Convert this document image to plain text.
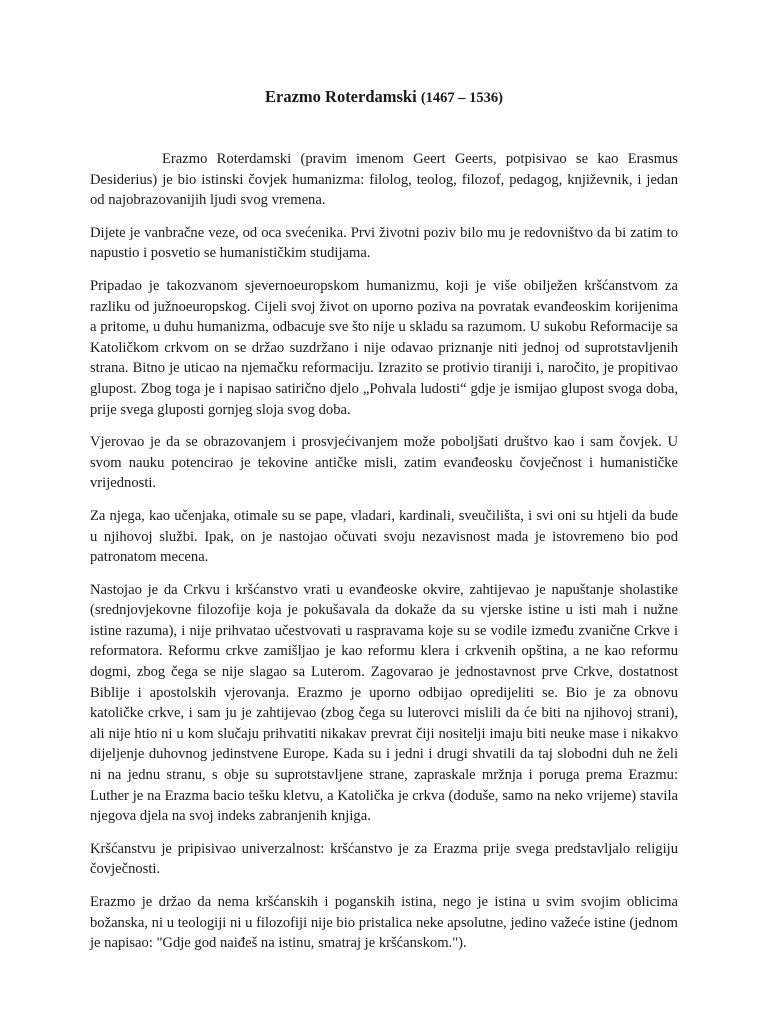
Erazmo Roterdamski (1467 – 1536)

Erazmo Roterdamski (pravim imenom Geert Geerts, potpisivao se kao Erasmus Desiderius) je bio istinski čovjek humanizma: filolog, teolog, filozof, pedagog, književnik, i jedan od najobrazovanijih ljudi svog vremena.

Dijete je vanbračne veze, od oca svećenika. Prvi životni poziv bilo mu je redovništvo da bi zatim to napustio i posvetio se humanističkim studijama.

Pripadao je takozvanom sjevernoeuropskom humanizmu, koji je više obilježen kršćanstvom za razliku od južnoeuropskog. Cijeli svoj život on uporno poziva na povratak evanđeoskim korijenima a pritome, u duhu humanizma, odbacuje sve što nije u skladu sa razumom. U sukobu Reformacije sa Katoličkom crkvom on se držao suzdržano i nije odavao priznanje niti jednoj od suprotstavljenih strana. Bitno je uticao na njemačku reformaciju. Izrazito se protivio tiraniji i, naročito, je propitivao glupost. Zbog toga je i napisao satirično djelo „Pohvala ludosti“ gdje je ismijao glupost svoga doba, prije svega gluposti gornjeg sloja svog doba.

Vjerovao je da se obrazovanjem i prosvjećivanjem može poboljšati društvo kao i sam čovjek. U svom nauku potencirao je tekovine antičke misli, zatim evanđeosku čovječnost i humanističke vrijednosti.

Za njega, kao učenjaka, otimale su se pape, vladari, kardinali, sveučilišta, i svi oni su htjeli da bude u njihovoj službi. Ipak, on je nastojao očuvati svoju nezavisnost mada je istovremeno bio pod patronatom mecena.

Nastojao je da Crkvu i kršćanstvo vrati u evanđeoske okvire, zahtijevao je napuštanje sholastike (srednjovjekovne filozofije koja je pokušavala da dokaže da su vjerske istine u isti mah i nužne istine razuma), i nije prihvatao učestvovati u raspravama koje su se vodile između zvanične Crkve i reformatora. Reformu crkve zamišljao je kao reformu klera i crkvenih opština, a ne kao reformu dogmi, zbog čega se nije slagao sa Luterom. Zagovarao je jednostavnost prve Crkve, dostatnost Biblije i apostolskih vjerovanja. Erazmo je uporno odbijao opredijeliti se. Bio je za obnovu katoličke crkve, i sam ju je zahtijevao (zbog čega su luterovci mislili da će biti na njihovoj strani), ali nije htio ni u kom slučaju prihvatiti nikakav prevrat čiji nositelji imaju biti neuke mase i nikakvo dijeljenje duhovnog jedinstvene Europe. Kada su i jedni i drugi shvatili da taj slobodni duh ne želi ni na jednu stranu, s obje su suprotstavljene strane, zapraskale mržnja i poruga prema Erazmu: Luther je na Erazma bacio tešku kletvu, a Katolička je crkva (doduše, samo na neko vrijeme) stavila njegova djela na svoj indeks zabranjenih knjiga.

Kršćanstvu je pripisivao univerzalnost: kršćanstvo je za Erazma prije svega predstavljalo religiju čovječnosti.

Erazmo je držao da nema kršćanskih i poganskih istina, nego je istina u svim svojim oblicima božanska, ni u teologiji ni u filozofiji nije bio pristalica neke apsolutne, jedino važeće istine (jednom je napisao: "Gdje god naiđeš na istinu, smatraj je kršćanskom.").
